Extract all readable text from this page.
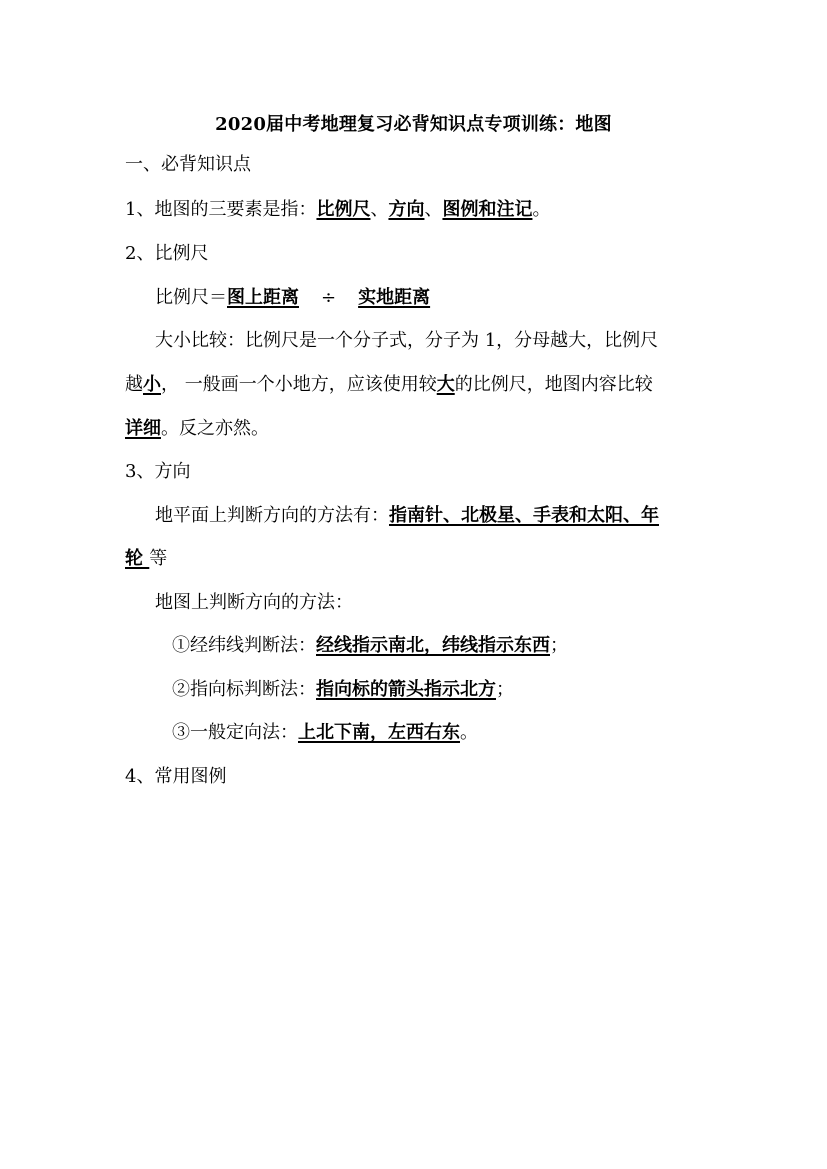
2020届中考地理复习必背知识点专项训练：地图
一、必背知识点
1、地图的三要素是指：比例尺、方向、图例和注记。
2、比例尺
比例尺＝图上距离 ÷ 实地距离
大小比较：比例尺是一个分子式，分子为 1，分母越大，比例尺
越小， 一般画一个小地方，应该使用较大的比例尺，地图内容比较
详细。反之亦然。
3、方向
地平面上判断方向的方法有：指南针、北极星、手表和太阳、年
轮 等
地图上判断方向的方法：
①经纬线判断法：经线指示南北，纬线指示东西；
②指向标判断法：指向标的箭头指示北方；
③一般定向法：上北下南，左西右东。
4、常用图例
